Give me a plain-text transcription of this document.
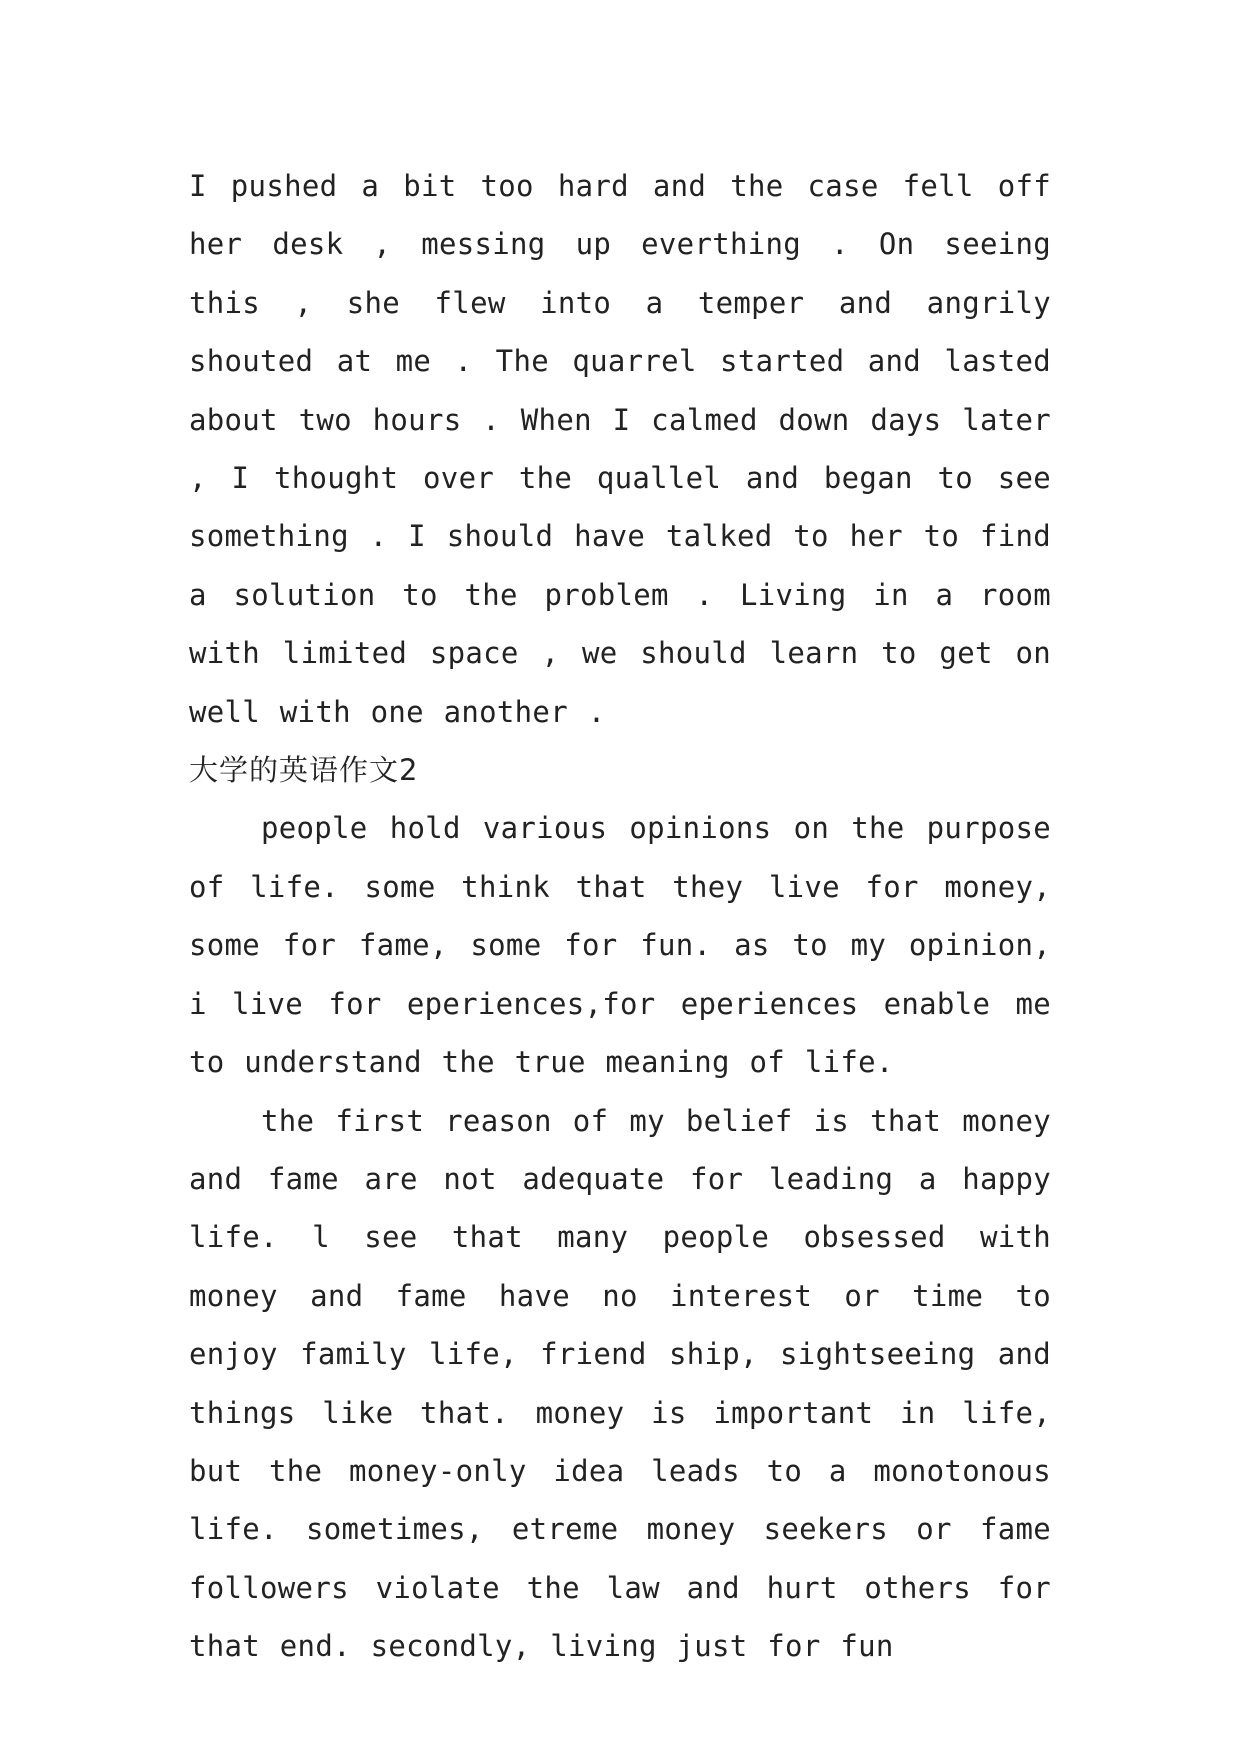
I pushed a bit too hard and the case fell off her desk , messing up everthing . On seeing this , she flew into a temper and angrily shouted at me . The quarrel started and lasted about two hours . When I calmed down days later , I thought over the quallel and began to see something . I should have talked to her to find a solution to the problem . Living in a room with limited space , we should learn to get on well with one another .

大学的英语作文2

people hold various opinions on the purpose of life. some think that they live for money, some for fame, some for fun. as to my opinion, i live for eperiences,for eperiences enable me to understand the true meaning of life.

the first reason of my belief is that money and fame are not adequate for leading a happy life. l see that many people obsessed with money and fame have no interest or time to enjoy family life, friend ship, sightseeing and things like that. money is important in life, but the money-only idea leads to a monotonous life. sometimes, etreme money seekers or fame followers violate the law and hurt others for that end. secondly, living just for fun
